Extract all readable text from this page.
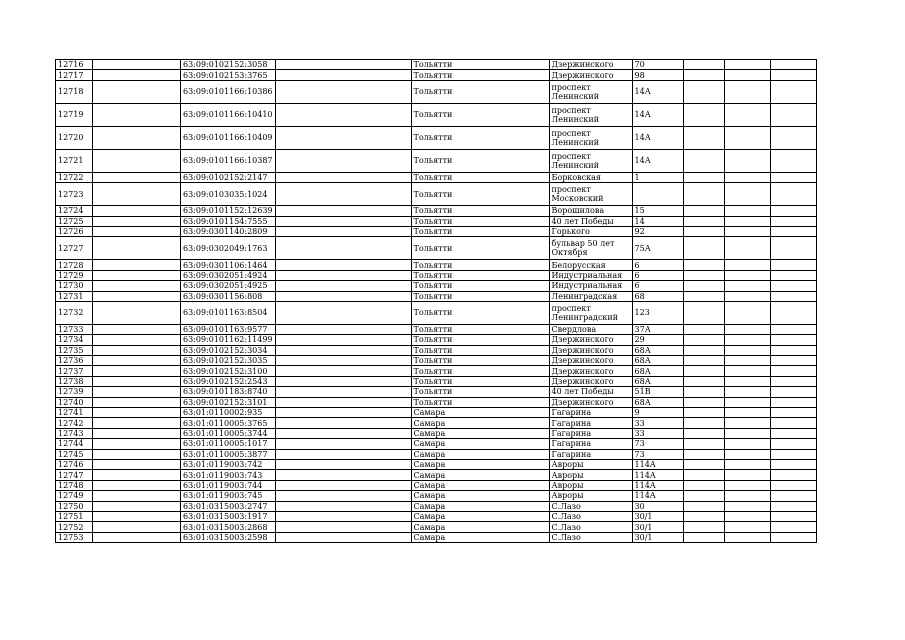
12716		63:09:0102152:3058		Тольятти	Дзержинского	70			
12717		63:09:0102153:3765		Тольятти	Дзержинского	98			
12718		63:09:0101166:10386		Тольятти	проспект Ленинский	14А			
12719		63:09:0101166:10410		Тольятти	проспект Ленинский	14А			
12720		63:09:0101166:10409		Тольятти	проспект Ленинский	14А			
12721		63:09:0101166:10387		Тольятти	проспект Ленинский	14А			
12722		63:09:0102152:2147		Тольятти	Борковская	1			
12723		63:09:0103035:1024		Тольятти	проспект Московский				
12724		63:09:0101152:12639		Тольятти	Ворошилова	15			
12725		63:09:0101154:7555		Тольятти	40 лет Победы	14			
12726		63:09:0301140:2809		Тольятти	Горького	92			
12727		63:09:0302049:1763		Тольятти	бульвар 50 лет Октября	75А			
12728		63:09:0301106:1464		Тольятти	Белорусская	6			
12729		63:09:0302051:4924		Тольятти	Индустриальная	6			
12730		63:09:0302051:4925		Тольятти	Индустриальная	6			
12731		63:09:0301156:808		Тольятти	Ленинградская	68			
12732		63:09:0101163:8504		Тольятти	проспект Ленинградский	123			
12733		63:09:0101163:9577		Тольятти	Свердлова	37А			
12734		63:09:0101162:11499		Тольятти	Дзержинского	29			
12735		63:09:0102152:3034		Тольятти	Дзержинского	68А			
12736		63:09:0102152:3035		Тольятти	Дзержинского	68А			
12737		63:09:0102152:3100		Тольятти	Дзержинского	68А			
12738		63:09:0102152:2543		Тольятти	Дзержинского	68А			
12739		63:09:0101183:8740		Тольятти	40 лет Победы	51В			
12740		63:09:0102152:3101		Тольятти	Дзержинского	68А			
12741		63:01:0110002:935		Самара	Гагарина	9			
12742		63:01:0110005:3765		Самара	Гагарина	33			
12743		63:01:0110005:3744		Самара	Гагарина	33			
12744		63:01:0110005:1017		Самара	Гагарина	73			
12745		63:01:0110005:3877		Самара	Гагарина	73			
12746		63:01:0119003:742		Самара	Авроры	114А			
12747		63:01:0119003:743		Самара	Авроры	114А			
12748		63:01:0119003:744		Самара	Авроры	114А			
12749		63:01:0119003:745		Самара	Авроры	114А			
12750		63:01:0315003:2747		Самара	С.Лазо	30			
12751		63:01:0315003:1917		Самара	С.Лазо	30/1			
12752		63:01:0315003:2868		Самара	С.Лазо	30/1			
12753		63:01:0315003:2598		Самара	С.Лазо	30/1			
